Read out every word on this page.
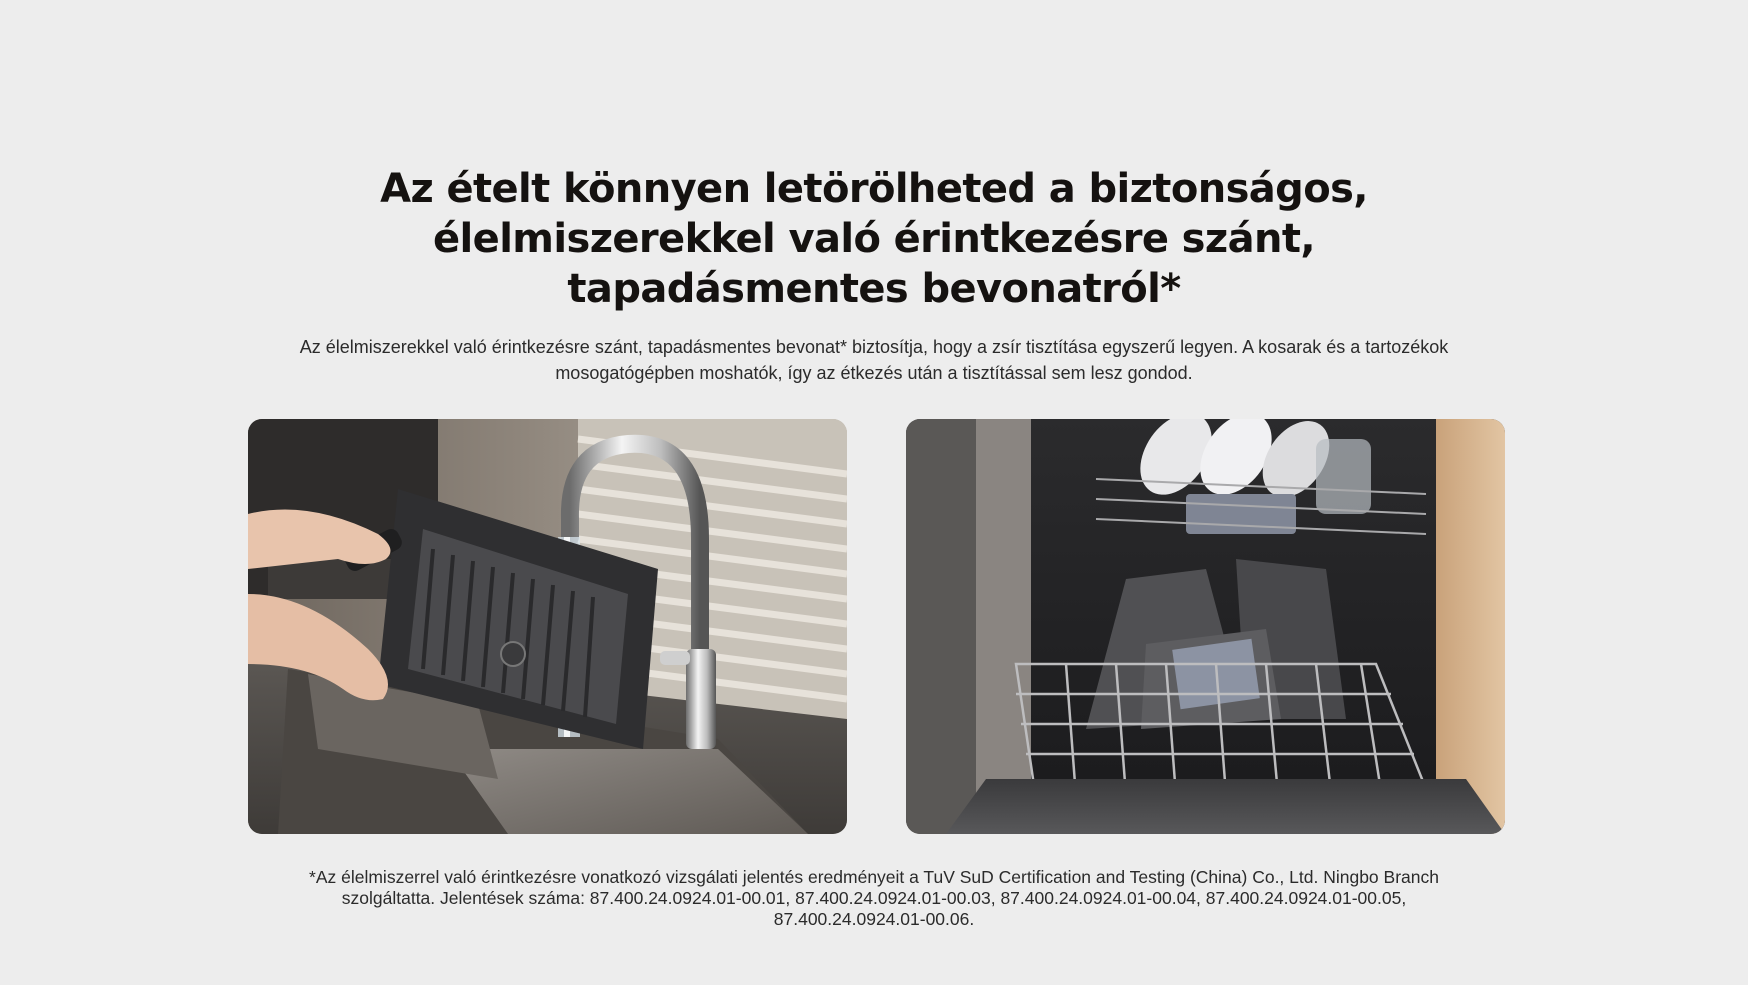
Az ételt könnyen letörölheted a biztonságos,
élelmiszerekkel való érintkezésre szánt,
tapadásmentes bevonatról*

Az élelmiszerekkel való érintkezésre szánt, tapadásmentes bevonat* biztosítja, hogy a zsír tisztítása egyszerű legyen. A kosarak és a tartozékok
mosogatógépben moshatók, így az étkezés után a tisztítással sem lesz gondod.

*Az élelmiszerrel való érintkezésre vonatkozó vizsgálati jelentés eredményeit a TuV SuD Certification and Testing (China) Co., Ltd. Ningbo Branch
szolgáltatta. Jelentések száma: 87.400.24.0924.01-00.01, 87.400.24.0924.01-00.03, 87.400.24.0924.01-00.04, 87.400.24.0924.01-00.05,
87.400.24.0924.01-00.06.
